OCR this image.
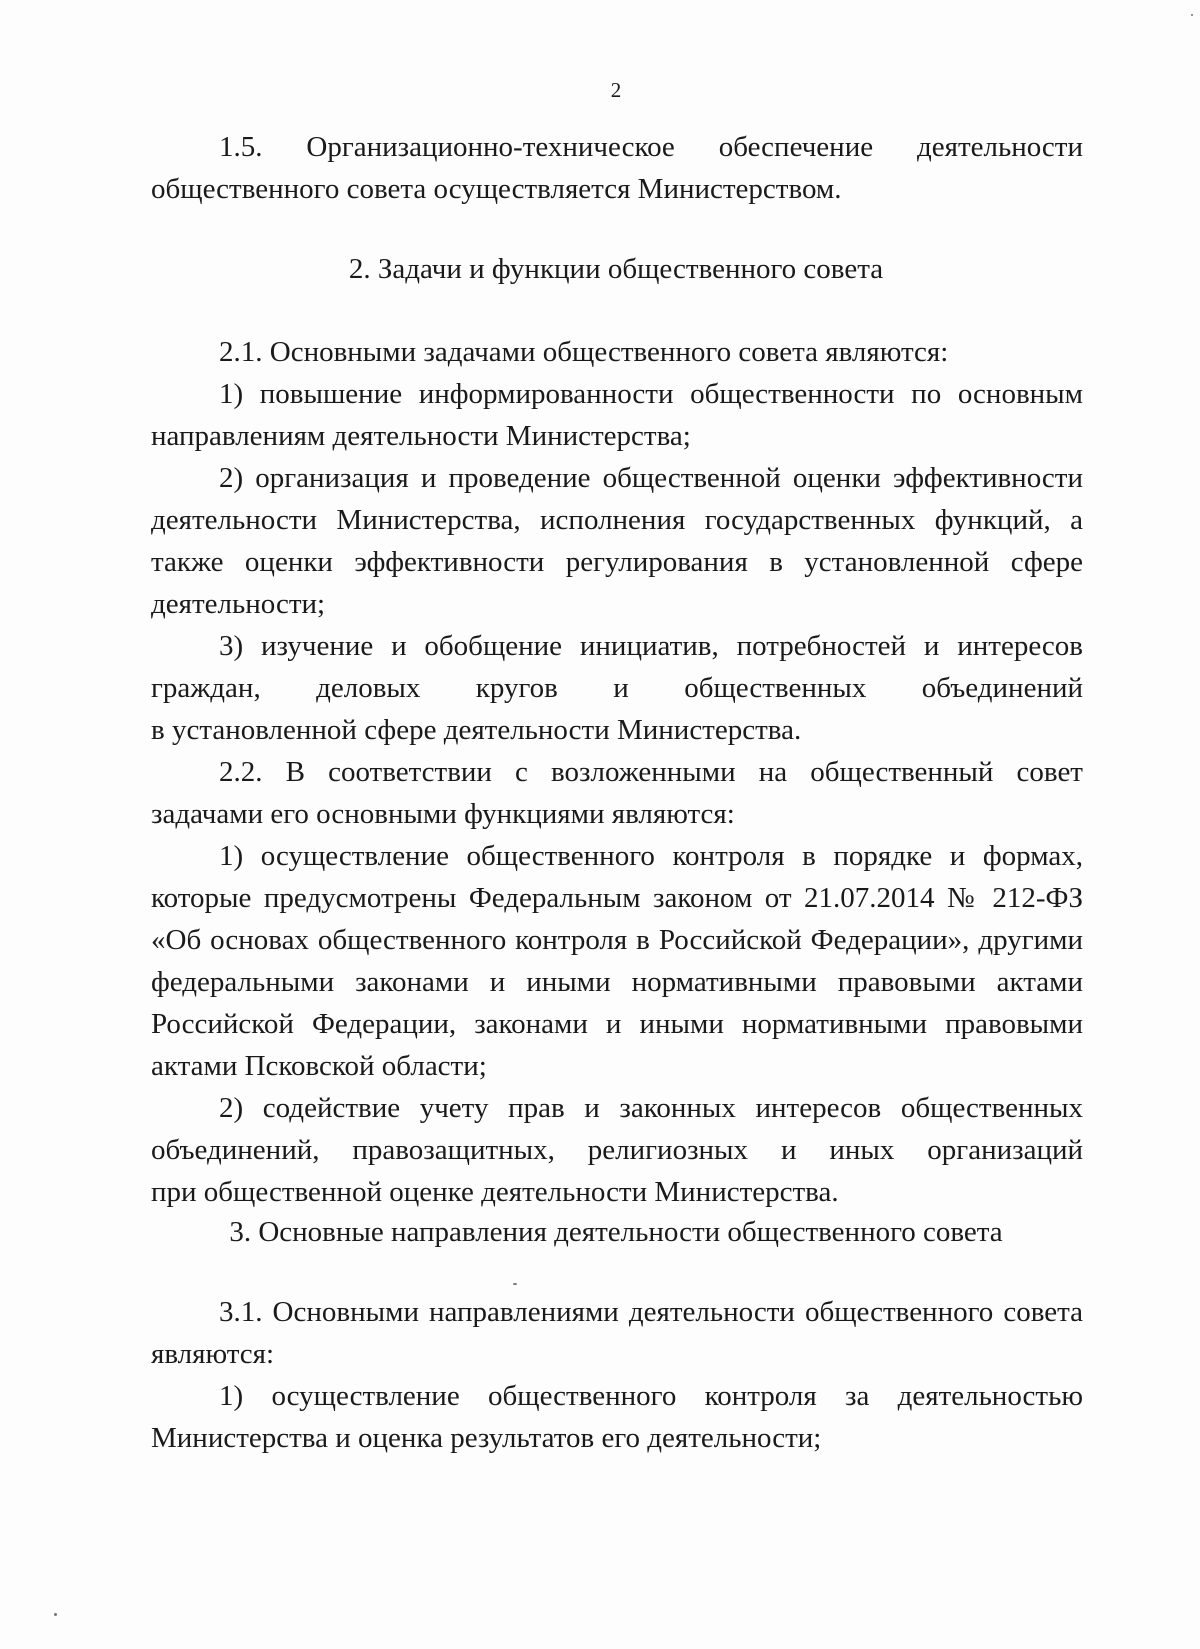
2
1.5. Организационно-техническое обеспечение деятельности
общественного совета осуществляется Министерством.
2. Задачи и функции общественного совета
2.1. Основными задачами общественного совета являются:
1) повышение информированности общественности по основным
направлениям деятельности Министерства;
2) организация и проведение общественной оценки эффективности
деятельности Министерства, исполнения государственных функций, а
также оценки эффективности регулирования в установленной сфере
деятельности;
3) изучение и обобщение инициатив, потребностей и интересов
граждан, деловых кругов и общественных объединений
в установленной сфере деятельности Министерства.
2.2. В соответствии с возложенными на общественный совет
задачами его основными функциями являются:
1) осуществление общественного контроля в порядке и формах,
которые предусмотрены Федеральным законом от 21.07.2014 № 212-ФЗ
«Об основах общественного контроля в Российской Федерации», другими
федеральными законами и иными нормативными правовыми актами
Российской Федерации, законами и иными нормативными правовыми
актами Псковской области;
2) содействие учету прав и законных интересов общественных
объединений, правозащитных, религиозных и иных организаций
при общественной оценке деятельности Министерства.
3. Основные направления деятельности общественного совета
3.1. Основными направлениями деятельности общественного совета
являются:
1) осуществление общественного контроля за деятельностью
Министерства и оценка результатов его деятельности;
